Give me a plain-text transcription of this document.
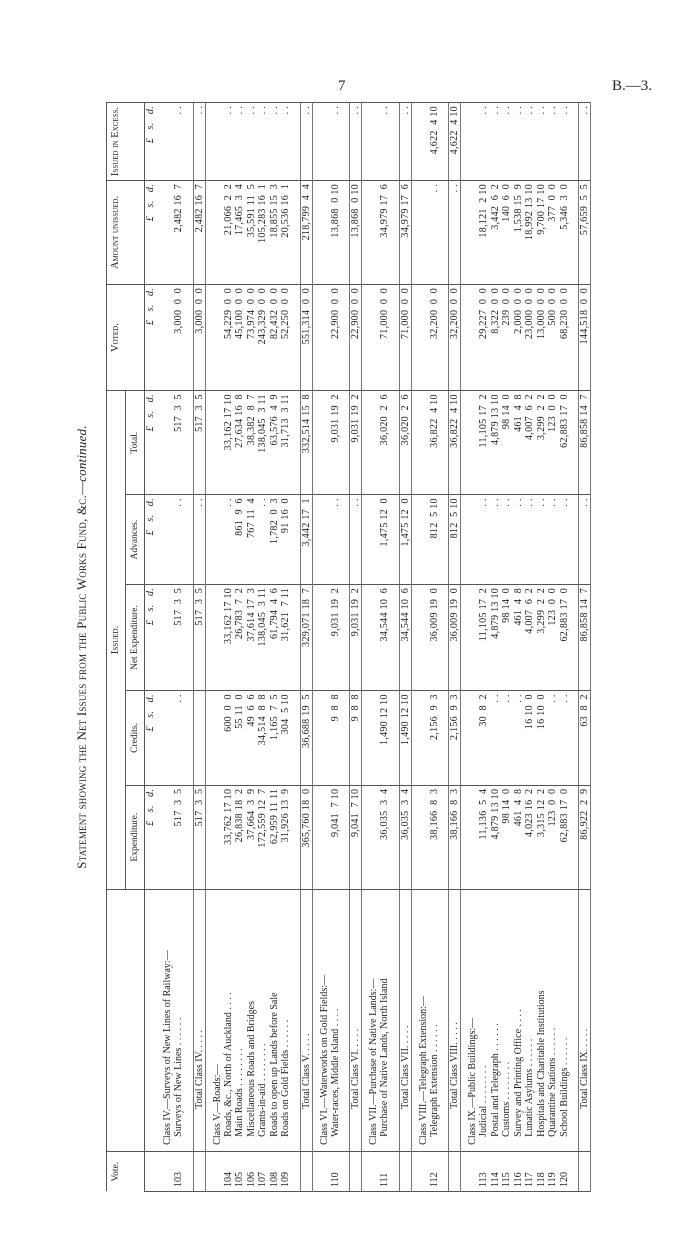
7	B.—3.
Statement showing the Net Issues from the Public Works Fund, &c.—continued.
Vote.		Issued.					Voted.	Amount unissued.	Issued in Excess.
		Expenditure.	Credits.	Net Expenditure.	Advances.	Total.			
		£   s.   d.	£   s.   d.	£   s.   d.	£   s.   d.	£   s.   d.	£   s.   d.	£   s.   d.	£   s.   d.
	Class IV.—Surveys of New Lines of Railway:—								
103	Surveys of New Lines . . . . . .	517  3  5	. .	517  3  5	. .	517  3  5	3,000  0  0	2,482 16  7	. .

	Total Class IV. . . . .	517  3  5		517  3  5	. .	517  3  5	3,000  0  0	2,482 16  7	. .
	Class V.—Roads:—								
104	Roads, &c., North of Auckland . . . .	33,762 17 10	600  0  0	33,162 17 10	. .	33,162 17 10	54,229  0  0	21,066  2  2	. .
105	Main Roads . . . . . . . .	26,838 18  2	55 11  0	26,783  7  2	861  9  6	27,634 16  8	45,100  0  0	17,465  3  4	. .
106	Miscellaneous Roads and Bridges	37,664  3  9	49  6  6	37,614 17  3	767 11  4	38,382  8  7	73,974  0  0	35,591 11  5	. .
107	Grants-in-aid . . . . . . . .	172,559 12  7	34,514  8  8	138,045  3 11	. .	138,045  3 11	243,329  0  0	105,283 16  1	. .
108	Roads to open up Lands before Sale	62,959 11 11	1,165  7  5	61,794  4  6	1,782  0  3	63,576  4  9	82,432  0  0	18,855 15  3	. .
109	Roads on Gold Fields . . . . . .	31,926 13  9	304  5 10	31,621  7 11	91 16  0	31,713  3 11	52,250  0  0	20,536 16  1	. .

	Total Class V. . . . .	365,760 18  0	36,688 19  5	329,071 18  7	3,442 17  1	332,514 15  8	551,314  0  0	218,799  4  4	. .
	Class VI.—Waterworks on Gold Fields:—								
110	Water-races, Middle Island . . . .	9,041  7 10	9  8  8	9,031 19  2	. .	9,031 19  2	22,900  0  0	13,868  0 10	. .

	Total Class VI. . . . .	9,041  7 10	9  8  8	9,031 19  2	. .	9,031 19  2	22,900  0  0	13,868  0 10	. .
	Class VII.—Purchase of Native Lands:—								
111	Purchase of Native Lands, North Island	36,035  3  4	1,490 12 10	34,544 10  6	1,475 12  0	36,020  2  6	71,000  0  0	34,979 17  6	. .

	Total Class VII. . . . .	36,035  3  4	1,490 12 10	34,544 10  6	1,475 12  0	36,020  2  6	71,000  0  0	34,979 17  6	. .
	Class VIII.—Telegraph Extension:—								
112	Telegraph Extension . . . . . .	38,166  8  3	2,156  9  3	36,009 19  0	812  5 10	36,822  4 10	32,200  0  0	. .	4,622  4 10

	Total Class VIII. . . . .	38,166  8  3	2,156  9  3	36,009 19  0	812  5 10	36,822  4 10	32,200  0  0	. .	4,622  4 10
	Class IX.—Public Buildings:—								
113	Judicial . . . . . . . .	11,136  5  4	30  8  2	11,105 17  2	. .	11,105 17  2	29,227  0  0	18,121  2 10	. .
114	Postal and Telegraph . . . . . .	4,879 13 10	. .	4,879 13 10	. .	4,879 13 10	8,322  0  0	3,442  6  2	. .
115	Customs . . . . . . . .	98 14  0	. .	98 14  0	. .	98 14  0	239  0  0	140  6  0	. .
116	Survey and Printing Office . . . .	461  4  8	. .	461  4  8	. .	461  4  8	2,000  0  0	1,538 15  9	. .
117	Lunatic Asylums . . . . . .	4,023 16  2	16 10  0	4,007  6  2	. .	4,007  6  2	23,000  0  0	18,992 13 10	. .
118	Hospitals and Charitable Institutions	3,315 12  2	16 10  0	3,299  2  2	. .	3,299  2  2	13,000  0  0	9,700 17 10	. .
119	Quarantine Stations . . . . . .	123  0  0	. .	123  0  0	. .	123  0  0	500  0  0	377  0  0	. .
120	School Buildings . . . . . .	62,883 17  0	. .	62,883 17  0	. .	62,883 17  0	68,230  0  0	5,346  3  0	. .

	Total Class IX. . . . .	86,922  2  9	63  8  2	86,858 14  7	. .	86,858 14  7	144,518  0  0	57,659  5  5	. .
